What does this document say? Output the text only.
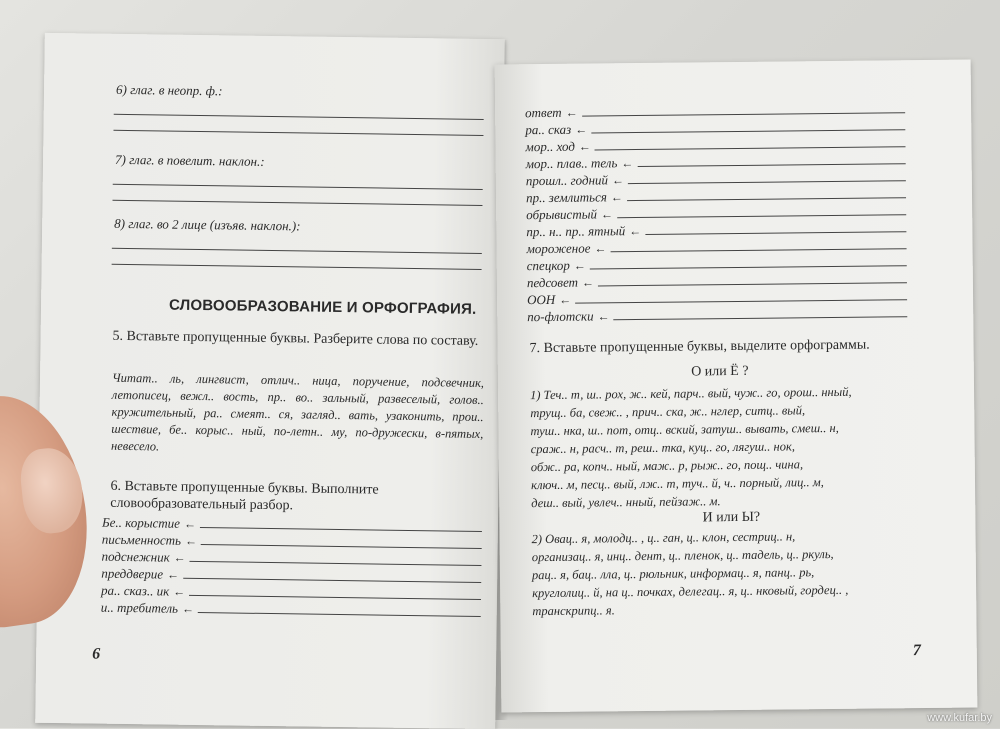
6) глаг. в неопр. ф.:
7) глаг. в повелит. наклон.:
8) глаг. во 2 лице (изъяв. наклон.):
СЛОВООБРАЗОВАНИЕ И ОРФОГРАФИЯ.
5. Вставьте пропущенные буквы. Разберите слова по составу.
Читат.. ль, лингвист, отлич.. ница, поручение, подсвечник, летописец, вежл.. вость, пр.. во.. зальный, развеселый, голов.. кружительный, ра.. смеят.. ся, загляд.. вать, узаконить, прои.. шествие, бе.. корыс.. ный, по-летн.. му, по-дружески, в-пятых, невесело.
6. Вставьте пропущенные буквы. Выполните словообразовательный разбор.
Бе.. корыстие ←
письменность ←
подснежник ←
преддверие ←
ра.. сказ.. ик ←
и.. требитель ←
6
ответ ←
ра.. сказ ←
мор.. ход ←
мор.. плав.. тель ←
прошл.. годний ←
пр.. землиться ←
обрывистый ←
пр.. н.. пр.. ятный ←
мороженое ←
спецкор ←
педсовет ←
ООН ←
по-флотски ←
7. Вставьте пропущенные буквы, выделите орфограммы.
О или Ё ?
1) Теч.. т, ш.. рох, ж.. кей, парч.. вый, чуж.. го, орош.. нный,
трущ.. ба, свеж.. , прич.. ска, ж.. нглер, ситц.. вый,
туш.. нка, ш.. пот, отц.. вский, затуш.. вывать, смеш.. н,
сраж.. н, расч.. т, реш.. тка, куц.. го, лягуш.. нок,
обж.. ра, копч.. ный, маж.. р, рыж.. го, пощ.. чина,
ключ.. м, песц.. вый, лж.. т, туч.. й, ч.. порный, лиц.. м,
деш.. вый, увлеч.. нный, пейзаж.. м.
И или Ы?
2) Овац.. я, молодц.. , ц.. ган, ц.. клон, сестриц.. н,
организац.. я, инц.. дент, ц.. пленок, ц.. тадель, ц.. ркуль,
рац.. я, бац.. лла, ц.. рюльник, информац.. я, панц.. рь,
круглолиц.. й, на ц.. почках, делегац.. я, ц.. нковый, гордец.. ,
транскрипц.. я.
7
www.kufar.by
